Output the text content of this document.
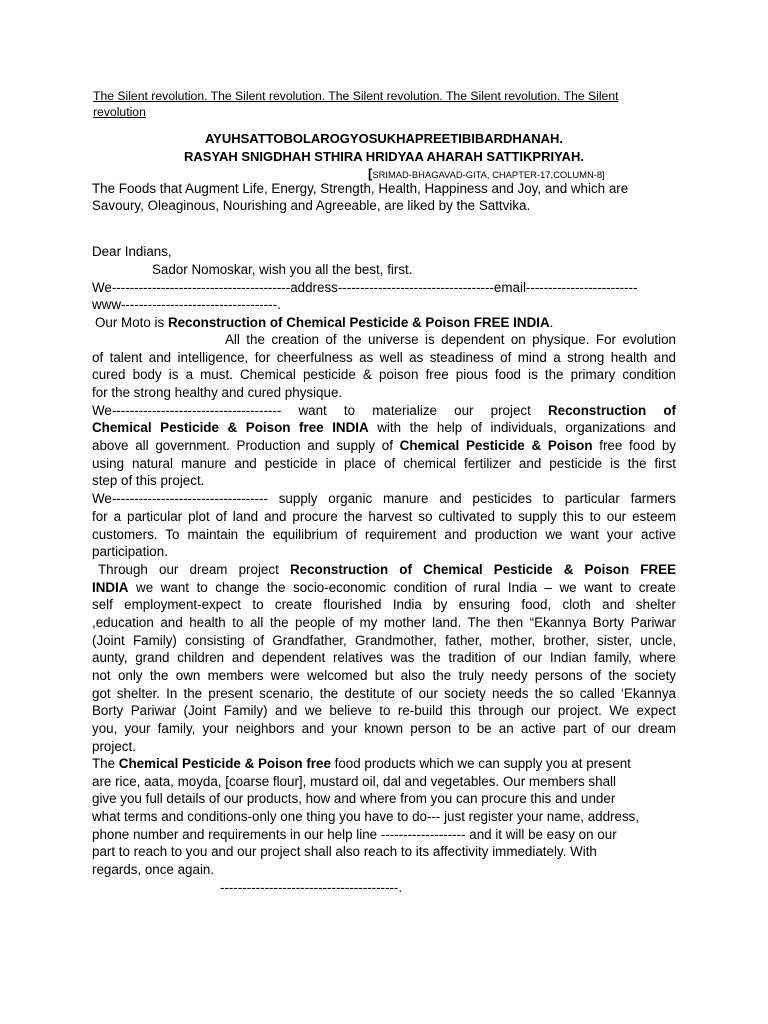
The Silent revolution. The Silent revolution. The Silent revolution. The Silent revolution. The Silent

revolution

AYUHSATTOBOLAROGYOSUKHAPREETIBIBARDHANAH.

RASYAH SNIGDHAH STHIRA HRIDYAA AHARAH SATTIKPRIYAH.

[SRIMAD-BHAGAVAD-GITA, CHAPTER-17,COLUMN-8]

The Foods that Augment Life, Energy, Strength, Health, Happiness and Joy, and which are

Savoury, Oleaginous, Nourishing and Agreeable, are liked by the Sattvika.

Dear Indians,

Sador Nomoskar, wish you all the best, first.

We----------------------------------------address-----------------------------------email-------------------------

www-----------------------------------.

Our Moto is Reconstruction of Chemical Pesticide & Poison FREE INDIA.

All the creation of the universe is dependent on physique. For evolution

of talent and intelligence, for cheerfulness as well as steadiness of mind a strong health and

cured body is a must. Chemical pesticide & poison free pious food is the primary condition

for the strong healthy and cured physique.

We-------------------------------------- want to materialize our project Reconstruction of

Chemical Pesticide & Poison free INDIA with the help of individuals, organizations and

above all government. Production and supply of Chemical Pesticide & Poison free food by

using natural manure and pesticide in place of chemical fertilizer and pesticide is the first

step of this project.

We----------------------------------- supply organic manure and pesticides to particular farmers

for a particular plot of land and procure the harvest so cultivated to supply this to our esteem

customers. To maintain the equilibrium of requirement and production we want your active

participation.

Through our dream project Reconstruction of Chemical Pesticide & Poison FREE

INDIA we want to change the socio-economic condition of rural India – we want to create

self employment-expect to create flourished India by ensuring food, cloth and shelter

,education and health to all the people of my mother land. The then “Ekannya Borty Pariwar

(Joint Family) consisting of Grandfather, Grandmother, father, mother, brother, sister, uncle,

aunty, grand children and dependent relatives was the tradition of our Indian family, where

not only the own members were welcomed but also the truly needy persons of the society

got shelter. In the present scenario, the destitute of our society needs the so called ‘Ekannya

Borty Pariwar (Joint Family) and we believe to re-build this through our project. We expect

you, your family, your neighbors and your known person to be an active part of our dream

project.

The Chemical Pesticide & Poison free food products which we can supply you at present

are rice, aata, moyda, [coarse flour], mustard oil, dal and vegetables. Our members shall

give you full details of our products, how and where from you can procure this and under

what terms and conditions-only one thing you have to do--- just register your name, address,

phone number and requirements in our help line ------------------- and it will be easy on our

part to reach to you and our project shall also reach to its affectivity immediately. With

regards, once again.

----------------------------------------.
